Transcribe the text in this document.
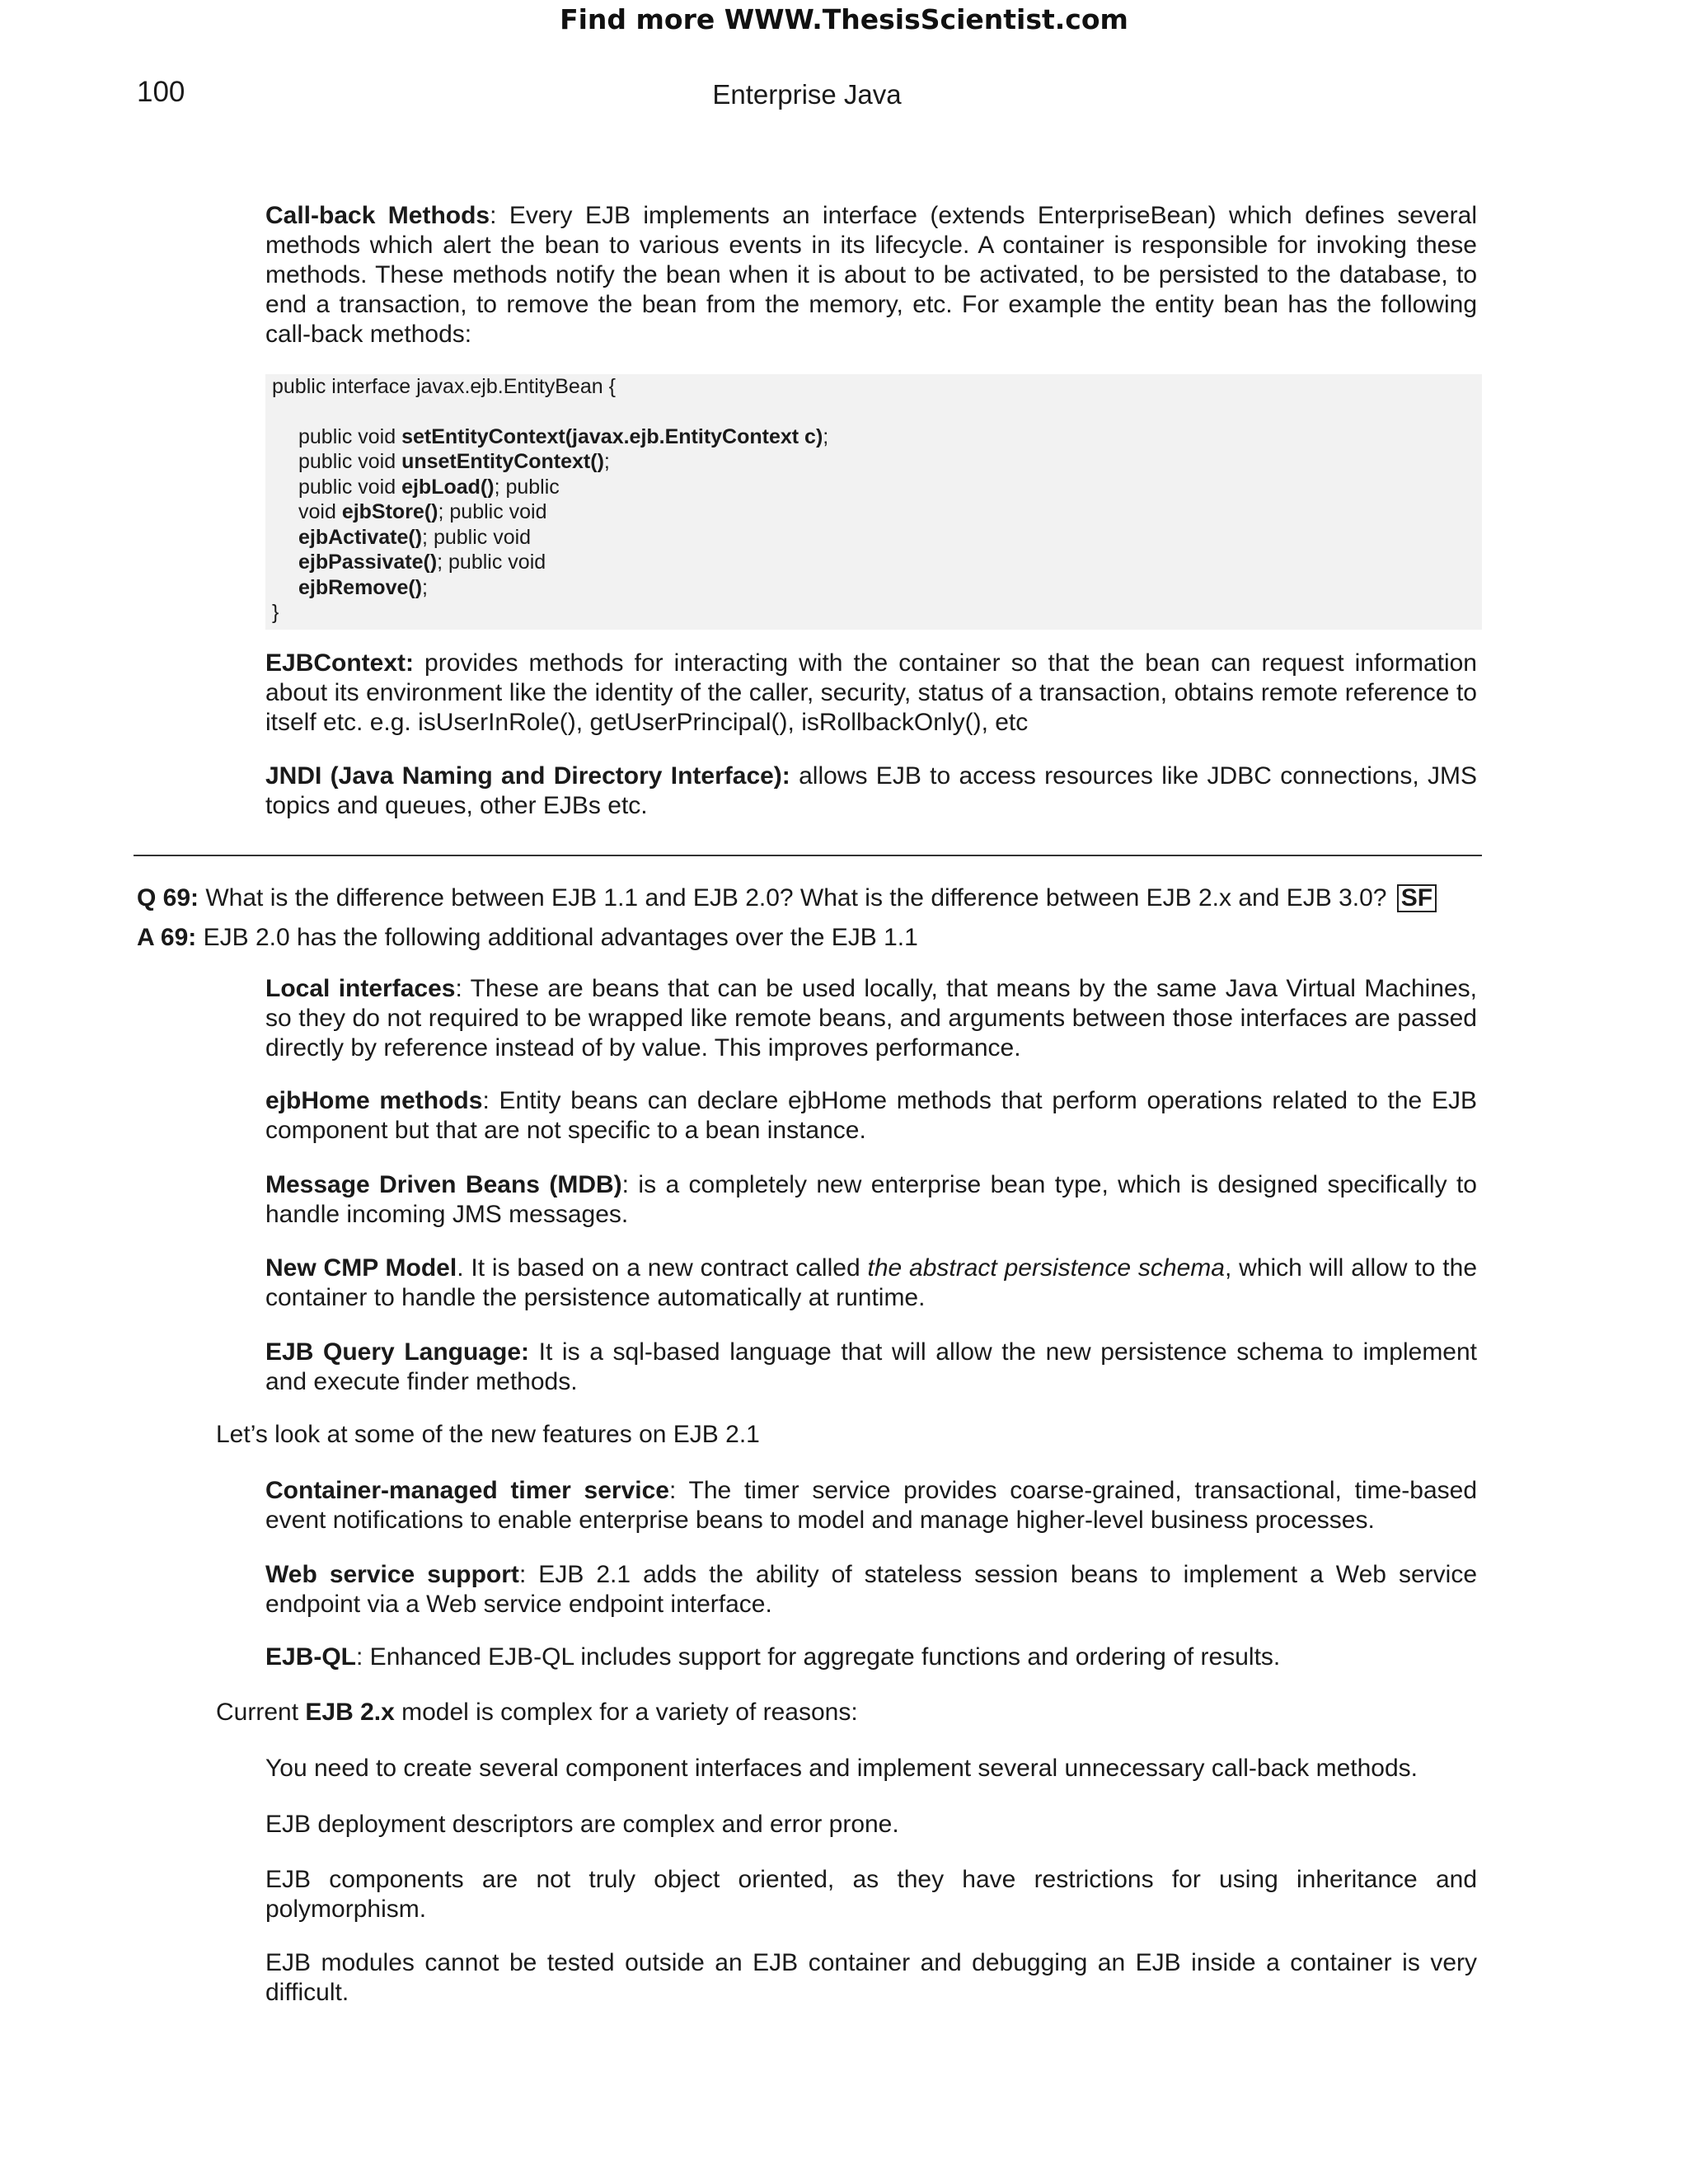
Find more WWW.ThesisScientist.com
100	Enterprise Java

Call-back Methods: Every EJB implements an interface (extends EnterpriseBean) which defines several methods which alert the bean to various events in its lifecycle. A container is responsible for invoking these methods. These methods notify the bean when it is about to be activated, to be persisted to the database, to end a transaction, to remove the bean from the memory, etc. For example the entity bean has the following call-back methods:

public interface javax.ejb.EntityBean {
public void setEntityContext(javax.ejb.EntityContext c);
public void unsetEntityContext();
public void ejbLoad(); public
void ejbStore(); public void
ejbActivate(); public void
ejbPassivate(); public void
ejbRemove();
}

EJBContext: provides methods for interacting with the container so that the bean can request information about its environment like the identity of the caller, security, status of a transaction, obtains remote reference to itself etc. e.g. isUserInRole(), getUserPrincipal(), isRollbackOnly(), etc

JNDI (Java Naming and Directory Interface): allows EJB to access resources like JDBC connections, JMS topics and queues, other EJBs etc.

Q 69: What is the difference between EJB 1.1 and EJB 2.0? What is the difference between EJB 2.x and EJB 3.0? SF
A 69: EJB 2.0 has the following additional advantages over the EJB 1.1

Local interfaces: These are beans that can be used locally, that means by the same Java Virtual Machines, so they do not required to be wrapped like remote beans, and arguments between those interfaces are passed directly by reference instead of by value. This improves performance.

ejbHome methods: Entity beans can declare ejbHome methods that perform operations related to the EJB component but that are not specific to a bean instance.

Message Driven Beans (MDB): is a completely new enterprise bean type, which is designed specifically to handle incoming JMS messages.

New CMP Model. It is based on a new contract called the abstract persistence schema, which will allow to the container to handle the persistence automatically at runtime.

EJB Query Language: It is a sql-based language that will allow the new persistence schema to implement and execute finder methods.

Let’s look at some of the new features on EJB 2.1

Container-managed timer service: The timer service provides coarse-grained, transactional, time-based event notifications to enable enterprise beans to model and manage higher-level business processes.

Web service support: EJB 2.1 adds the ability of stateless session beans to implement a Web service endpoint via a Web service endpoint interface.

EJB-QL: Enhanced EJB-QL includes support for aggregate functions and ordering of results.

Current EJB 2.x model is complex for a variety of reasons:

You need to create several component interfaces and implement several unnecessary call-back methods.

EJB deployment descriptors are complex and error prone.

EJB components are not truly object oriented, as they have restrictions for using inheritance and polymorphism.

EJB modules cannot be tested outside an EJB container and debugging an EJB inside a container is very difficult.
